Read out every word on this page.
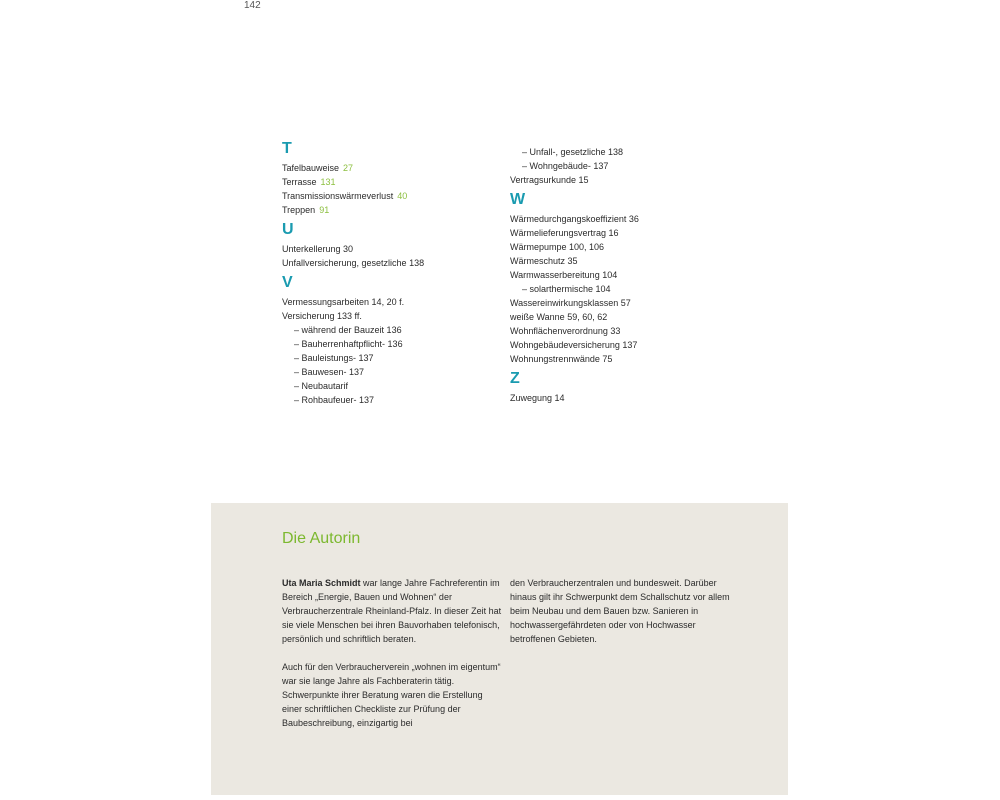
142
T
Tafelbauweise 27
Terrasse 131
Transmissionswärmeverlust 40
Treppen 91
U
Unterkellerung 30
Unfallversicherung, gesetzliche 138
V
Vermessungsarbeiten 14, 20 f.
Versicherung 133 ff.
– während der Bauzeit 136
– Bauherrenhaftpflicht- 136
– Bauleistungs- 137
– Bauwesen- 137
– Neubautarif
– Rohbaufeuer- 137
– Unfall-, gesetzliche 138
– Wohngebäude- 137
Vertragsurkunde 15
W
Wärmedurchgangskoeffizient 36
Wärmelieferungsvertrag 16
Wärmepumpe 100, 106
Wärmeschutz 35
Warmwasserbereitung 104
– solarthermische 104
Wassereinwirkungsklassen 57
weiße Wanne 59, 60, 62
Wohnflächenverordnung 33
Wohngebäudeversicherung 137
Wohnungstrennwände 75
Z
Zuwegung 14
Die Autorin

Uta Maria Schmidt war lange Jahre Fachreferentin im Bereich „Energie, Bauen und Wohnen“ der Verbraucherzentrale Rheinland-Pfalz. In dieser Zeit hat sie viele Menschen bei ihren Bauvorhaben telefonisch, persönlich und schriftlich beraten.

Auch für den Verbraucherverein „wohnen im eigentum“ war sie lange Jahre als Fachberaterin tätig. Schwerpunkte ihrer Beratung waren die Erstellung einer schriftlichen Checkliste zur Prüfung der Baubeschreibung, einzigartig bei

den Verbraucherzentralen und bundesweit. Darüber hinaus gilt ihr Schwerpunkt dem Schallschutz vor allem beim Neubau und dem Bauen bzw. Sanieren in hochwassergefährdeten oder von Hochwasser betroffenen Gebieten.
